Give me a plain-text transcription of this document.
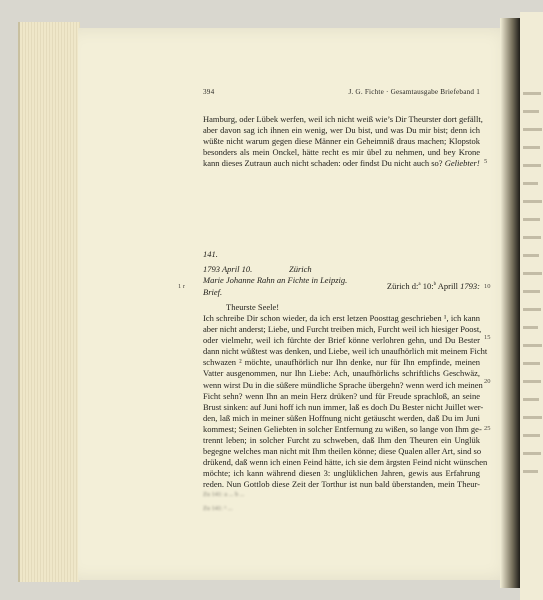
394	J. G. Fichte · Gesamtausgabe Briefeband 1
Hamburg, oder Lübek werfen, weil ich nicht weiß wie’s Dir Theurster dort gefällt,
aber davon sag ich ihnen ein wenig, wer Du bist, und was Du mir bist; denn ich
wüßte nicht warum gegen diese Männer ein Geheimniß draus machen; Klopstok
besonders als mein Onckel, hätte recht es mir übel zu nehmen, und bey Krone
kann dieses Zutraun auch nicht schaden: oder findst Du nicht auch so? Geliebter! 5
141.
1793 April 10.	Zürich
Marie Johanne Rahn an Fichte in Leipzig.
Brief.
1 r	Zürich d:$^a$ 10:$^b$ Aprill 1793: 10
Theurste Seele!
Ich schreibe Dir schon wieder, da ich erst letzen Poosttag geschrieben ¹, ich kann
aber nicht anderst; Liebe, und Furcht treiben mich, Furcht weil ich hiesiger Poost,
oder vielmehr, weil ich fürchte der Brief könne verlohren gehn, und Du Bester
dann nicht wüßtest was denken, und Liebe, weil ich unaufhörlich mit meinem Ficht
schwazen ² möchte, unaufhörlich nur Ihn denke, nur für Ihn empfinde, meinen
Vatter ausgenommen, nur Ihn Liebe: Ach, unaufhörlichs schriftlichs Geschwäz,
wenn wirst Du in die süßere mündliche Sprache übergehn? wenn werd ich meinen
Ficht sehn? wenn Ihn an mein Herz drüken? und für Freude sprachloß, an seine
Brust sinken: auf Juni hoff ich nun immer, laß es doch Du Bester nicht Juillet wer-
den, laß mich in meiner süßen Hoffnung nicht getäuscht werden, daß Du im Juni
kommest; Seinen Geliebten in solcher Entfernung zu wißen, so lange von Ihm ge-
trennt leben; in solcher Furcht zu schweben, daß Ihm den Theuren ein Unglük
begegne welches man nicht mit Ihm theilen könne; diese Qualen aller Art, sind so
drükend, daß wenn ich einen Feind hätte, ich sie dem ärgsten Feind nicht wünschen
möchte; ich kann während diesen 3: unglüklichen Jahren, gewis aus Erfahrung
reden. Nun Gottlob diese Zeit der Torthur ist nun bald überstanden, mein Theur-
15
20
25
Zu 141: a ... b ...
Zu 141: ¹ ...
